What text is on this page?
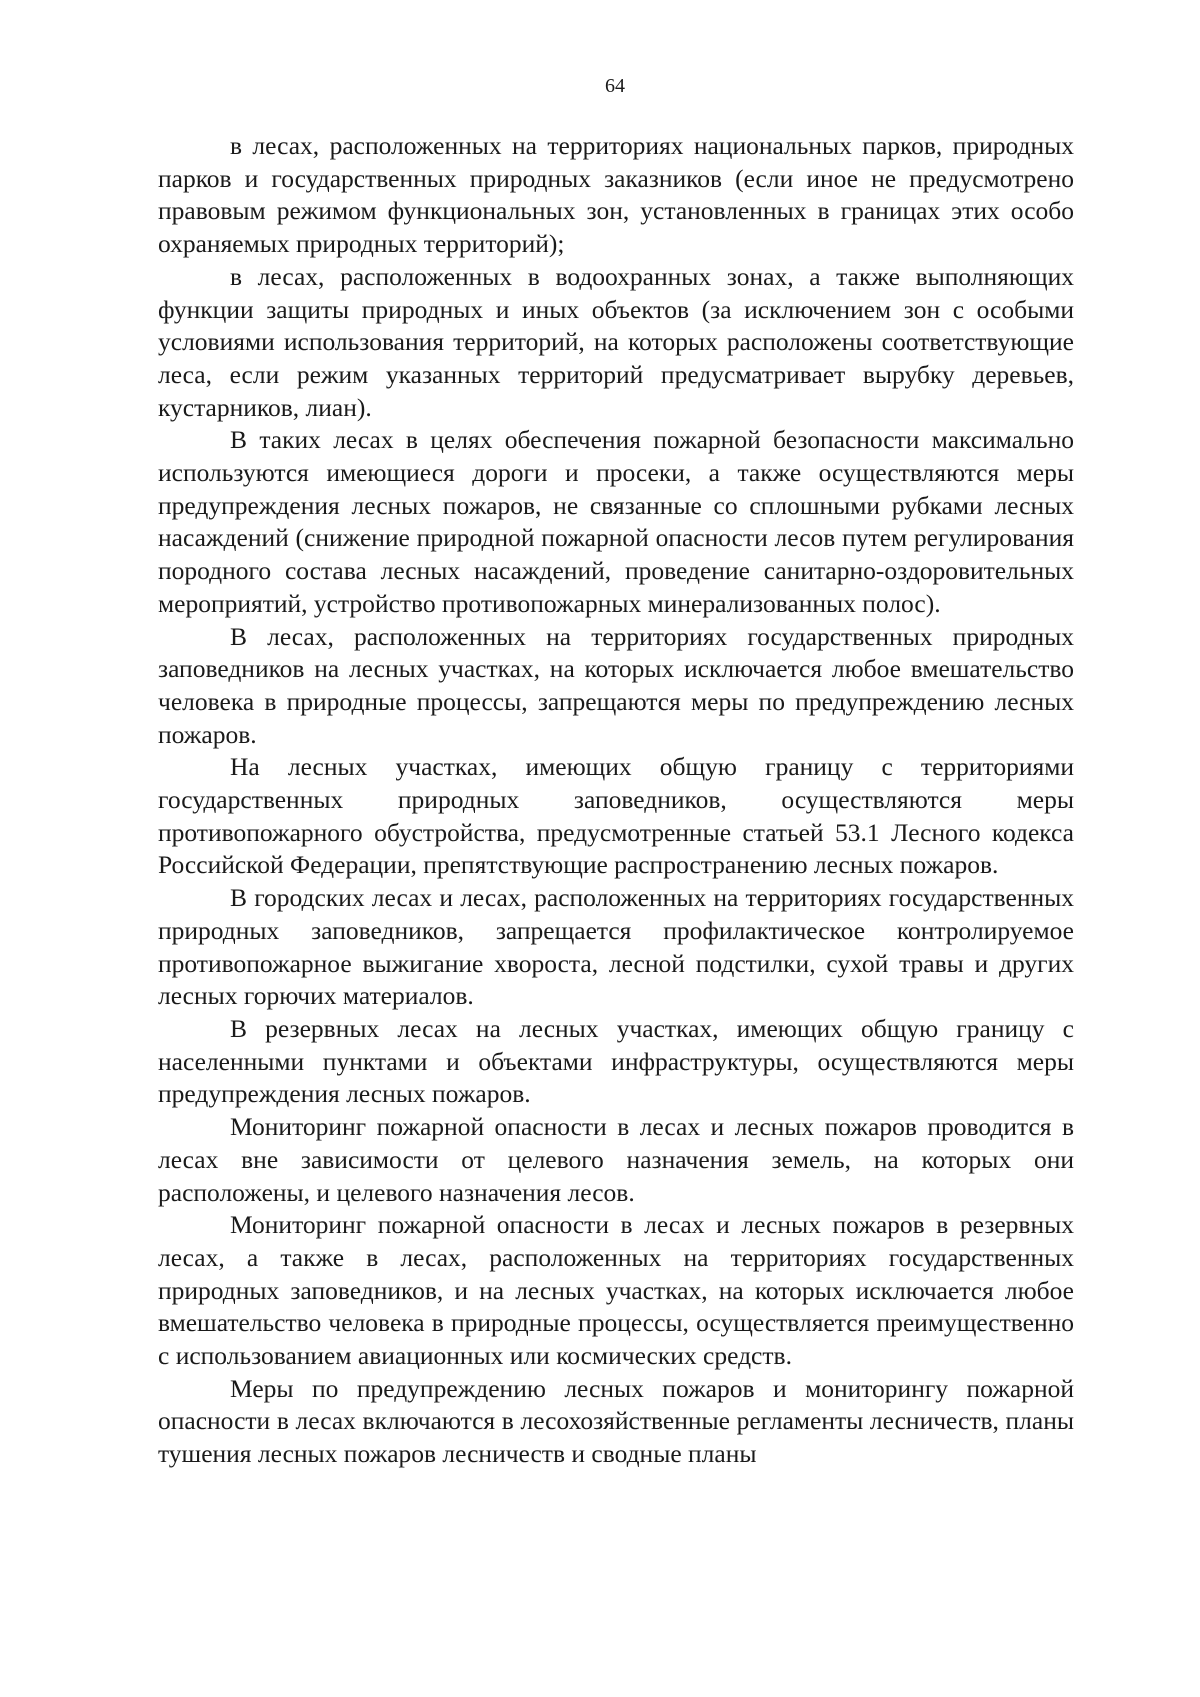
64

в лесах, расположенных на территориях национальных парков, природных парков и государственных природных заказников (если иное не предусмотрено правовым режимом функциональных зон, установленных в границах этих особо охраняемых природных территорий);

в лесах, расположенных в водоохранных зонах, а также выполняющих функции защиты природных и иных объектов (за исключением зон с особыми условиями использования территорий, на которых расположены соответствующие леса, если режим указанных территорий предусматривает вырубку деревьев, кустарников, лиан).

В таких лесах в целях обеспечения пожарной безопасности максимально используются имеющиеся дороги и просеки, а также осуществляются меры предупреждения лесных пожаров, не связанные со сплошными рубками лесных насаждений (снижение природной пожарной опасности лесов путем регулирования породного состава лесных насаждений, проведение санитарно-оздоровительных мероприятий, устройство противопожарных минерализованных полос).

В лесах, расположенных на территориях государственных природных заповедников на лесных участках, на которых исключается любое вмешательство человека в природные процессы, запрещаются меры по предупреждению лесных пожаров.

На лесных участках, имеющих общую границу с территориями государственных природных заповедников, осуществляются меры противопожарного обустройства, предусмотренные статьей 53.1 Лесного кодекса Российской Федерации, препятствующие распространению лесных пожаров.

В городских лесах и лесах, расположенных на территориях государственных природных заповедников, запрещается профилактическое контролируемое противопожарное выжигание хвороста, лесной подстилки, сухой травы и других лесных горючих материалов.

В резервных лесах на лесных участках, имеющих общую границу с населенными пунктами и объектами инфраструктуры, осуществляются меры предупреждения лесных пожаров.

Мониторинг пожарной опасности в лесах и лесных пожаров проводится в лесах вне зависимости от целевого назначения земель, на которых они расположены, и целевого назначения лесов.

Мониторинг пожарной опасности в лесах и лесных пожаров в резервных лесах, а также в лесах, расположенных на территориях государственных природных заповедников, и на лесных участках, на которых исключается любое вмешательство человека в природные процессы, осуществляется преимущественно с использованием авиационных или космических средств.

Меры по предупреждению лесных пожаров и мониторингу пожарной опасности в лесах включаются в лесохозяйственные регламенты лесничеств, планы тушения лесных пожаров лесничеств и сводные планы
